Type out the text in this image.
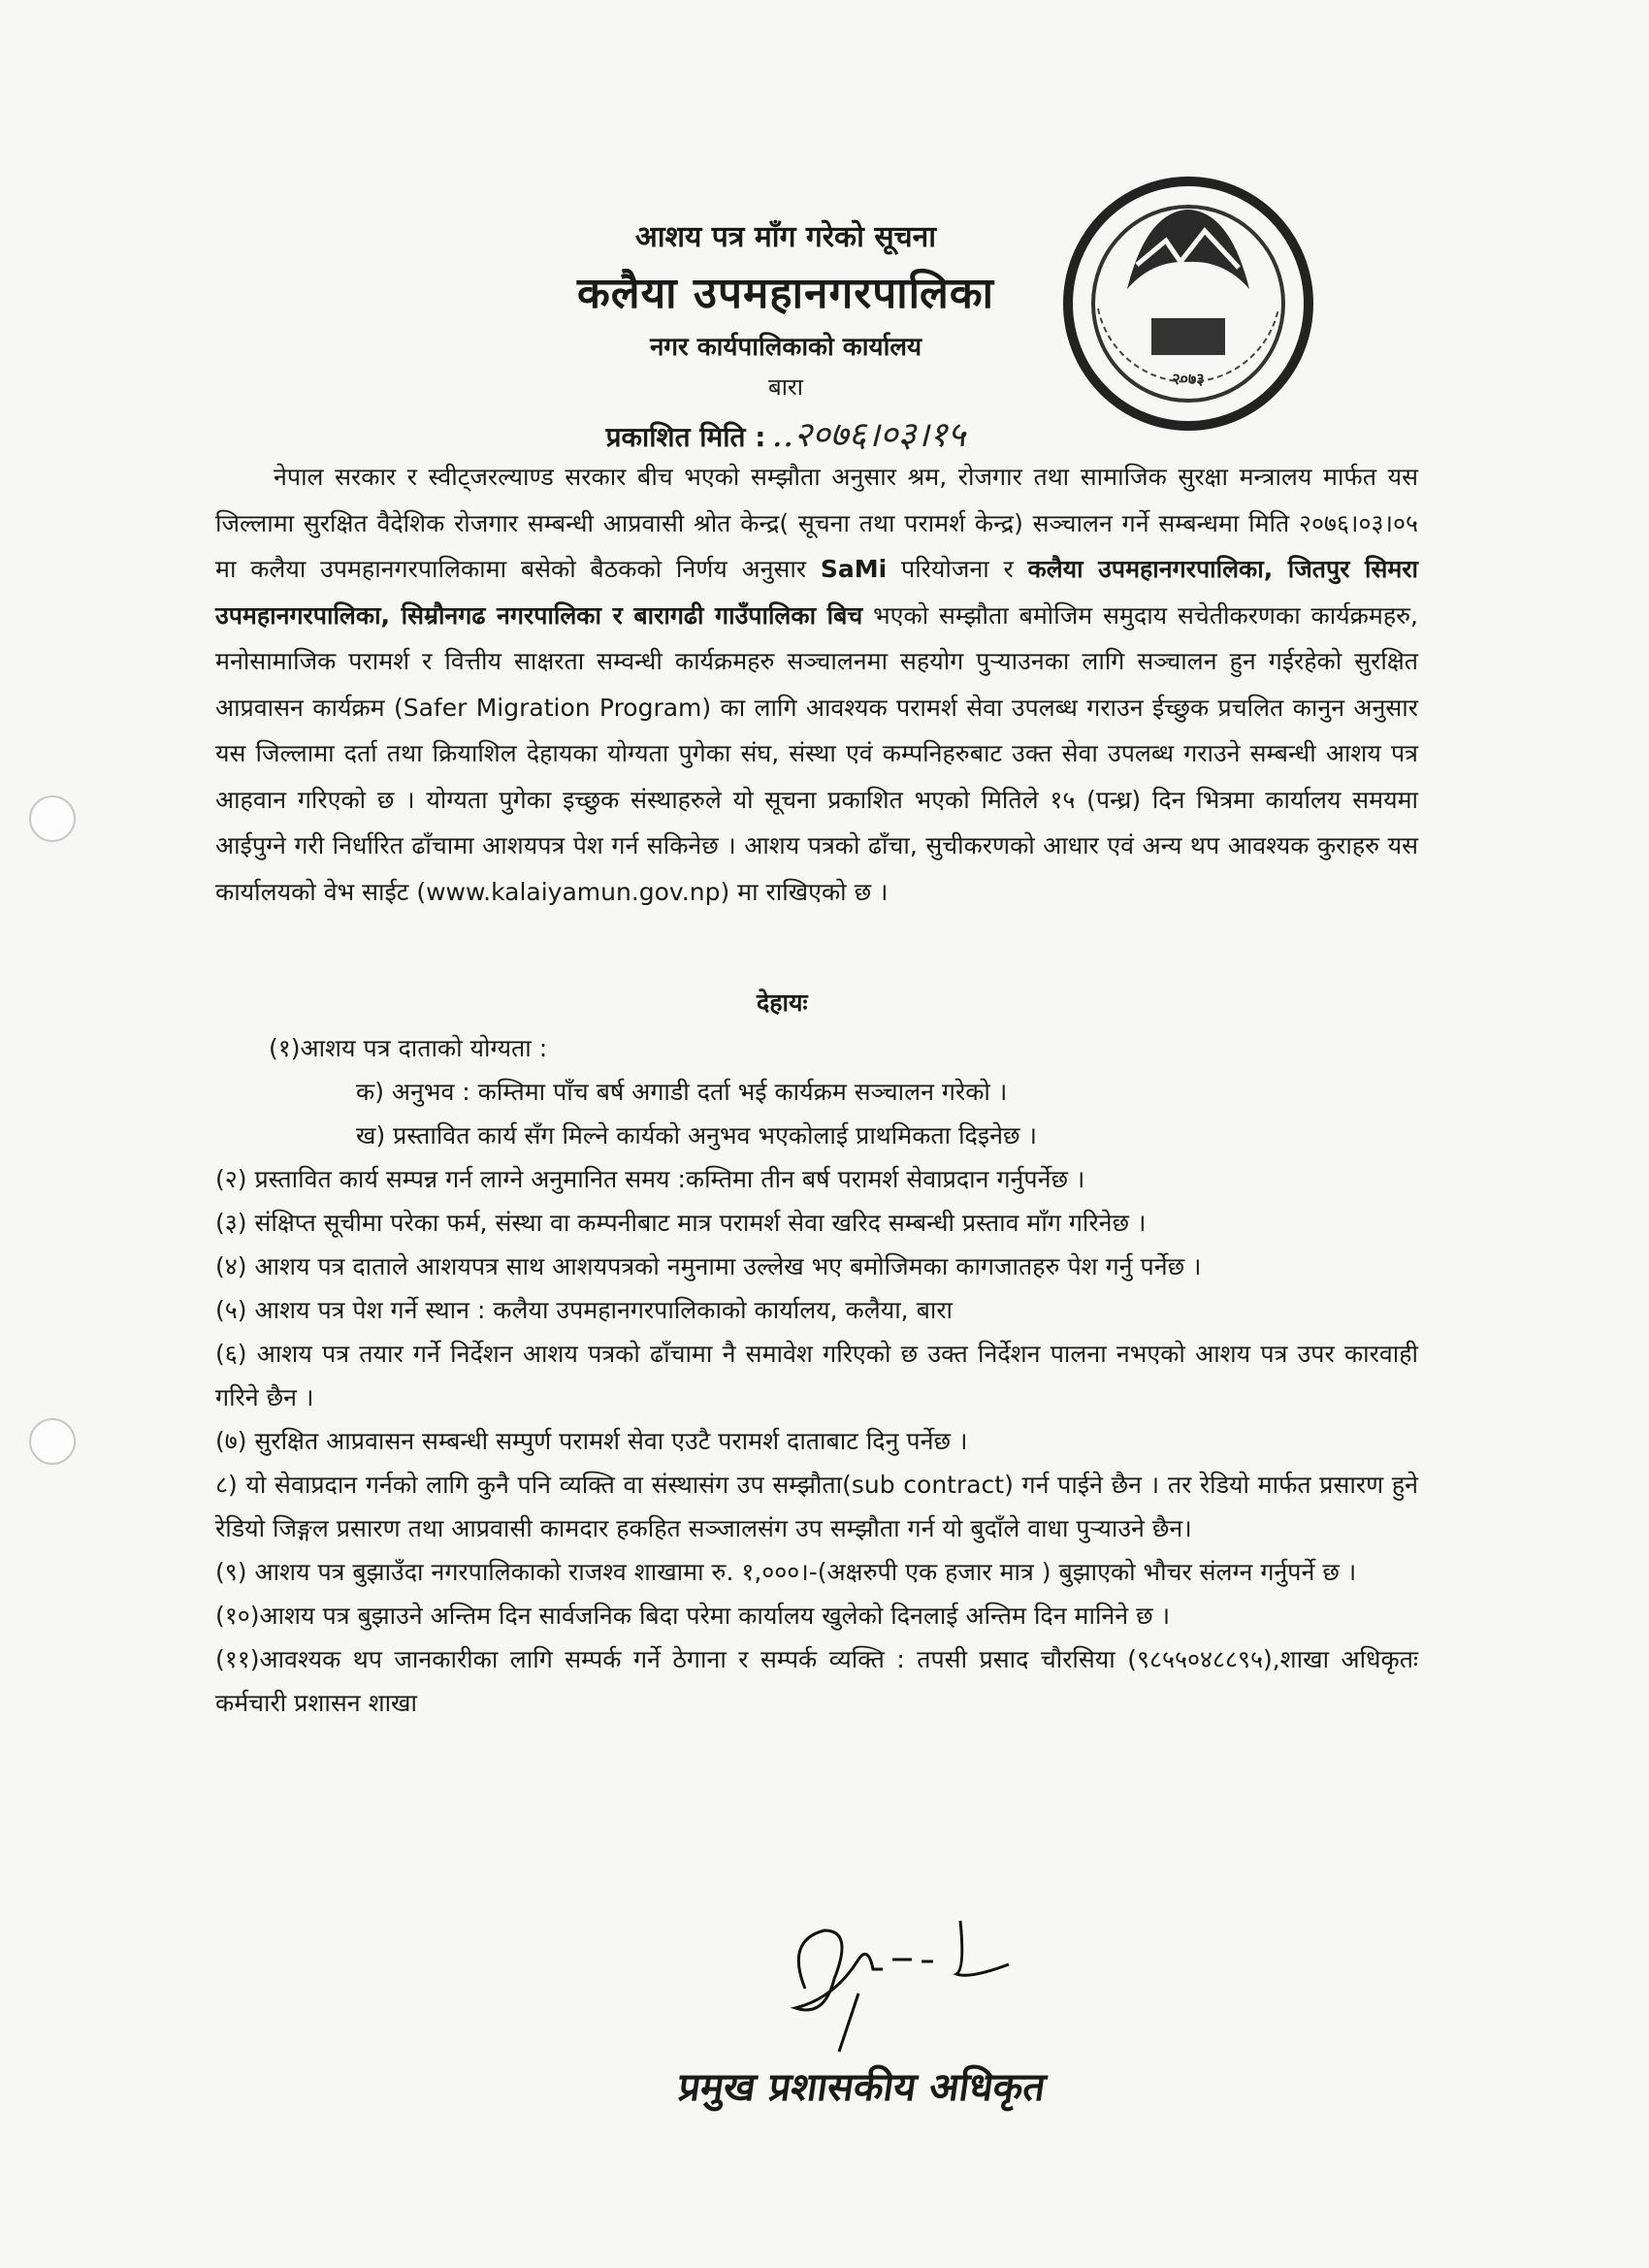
आशय पत्र माँग गरेको सूचना
कलैया उपमहानगरपालिका
नगर कार्यपालिकाको कार्यालय
बारा
प्रकाशित मिति : ..२०७६।०३।१५
२०७३

नेपाल सरकार र स्वीट्जरल्याण्ड सरकार बीच भएको सम्झौता अनुसार श्रम, रोजगार तथा सामाजिक सुरक्षा मन्त्रालय मार्फत यस जिल्लामा सुरक्षित वैदेशिक रोजगार सम्बन्धी आप्रवासी श्रोत केन्द्र( सूचना तथा परामर्श केन्द्र) सञ्चालन गर्ने सम्बन्धमा मिति २०७६।०३।०५ मा कलैया उपमहानगरपालिकामा बसेको बैठकको निर्णय अनुसार SaMi परियोजना र कलैया उपमहानगरपालिका, जितपुर सिमरा उपमहानगरपालिका, सिम्रौनगढ नगरपालिका र बारागढी गाउँपालिका बिच भएको सम्झौता बमोजिम समुदाय सचेतीकरणका कार्यक्रमहरु, मनोसामाजिक परामर्श र वित्तीय साक्षरता सम्वन्धी कार्यक्रमहरु सञ्चालनमा सहयोग पुर्‍याउनका लागि सञ्चालन हुन गईरहेको सुरक्षित आप्रवासन कार्यक्रम (Safer Migration Program) का लागि आवश्यक परामर्श सेवा उपलब्ध गराउन ईच्छुक प्रचलित कानुन अनुसार यस जिल्लामा दर्ता तथा क्रियाशिल देहायका योग्यता पुगेका संघ, संस्था एवं कम्पनिहरुबाट उक्त सेवा उपलब्ध गराउने सम्बन्धी आशय पत्र आहवान गरिएको छ । योग्यता पुगेका इच्छुक संस्थाहरुले यो सूचना प्रकाशित भएको मितिले १५ (पन्ध्र) दिन भित्रमा कार्यालय समयमा आईपुग्ने गरी निर्धारित ढाँचामा आशयपत्र पेश गर्न सकिनेछ । आशय पत्रको ढाँचा, सुचीकरणको आधार एवं अन्य थप आवश्यक कुराहरु यस कार्यालयको वेभ साईट (www.kalaiyamun.gov.np) मा राखिएको छ ।

देहायः
(१)आशय पत्र दाताको योग्यता :
क) अनुभव : कम्तिमा पाँच बर्ष अगाडी दर्ता भई कार्यक्रम सञ्चालन गरेको ।
ख) प्रस्तावित कार्य सँग मिल्ने कार्यको अनुभव भएकोलाई प्राथमिकता दिइनेछ ।
(२) प्रस्तावित कार्य सम्पन्न गर्न लाग्ने अनुमानित समय :कम्तिमा तीन बर्ष परामर्श सेवाप्रदान गर्नुपर्नेछ ।
(३) संक्षिप्त सूचीमा परेका फर्म, संस्था वा कम्पनीबाट मात्र परामर्श सेवा खरिद सम्बन्धी प्रस्ताव माँग गरिनेछ ।
(४) आशय पत्र दाताले आशयपत्र साथ आशयपत्रको नमुनामा उल्लेख भए बमोजिमका कागजातहरु पेश गर्नु पर्नेछ ।
(५) आशय पत्र पेश गर्ने स्थान : कलैया उपमहानगरपालिकाको कार्यालय, कलैया, बारा
(६) आशय पत्र तयार गर्ने निर्देशन आशय पत्रको ढाँचामा नै समावेश गरिएको छ उक्त निर्देशन पालना नभएको आशय पत्र उपर कारवाही गरिने छैन ।
(७) सुरक्षित आप्रवासन सम्बन्धी सम्पुर्ण परामर्श सेवा एउटै परामर्श दाताबाट दिनु पर्नेछ ।
८) यो सेवाप्रदान गर्नको लागि कुनै पनि व्यक्ति वा संस्थासंग उप सम्झौता(sub contract) गर्न पाईने छैन । तर रेडियो मार्फत प्रसारण हुने रेडियो जिङ्गल प्रसारण तथा आप्रवासी कामदार हकहित सञ्जालसंग उप सम्झौता गर्न यो बुदाँले वाधा पुर्‍याउने छैन।
(९) आशय पत्र बुझाउँदा नगरपालिकाको राजश्व शाखामा रु. १,०००।-(अक्षरुपी एक हजार मात्र ) बुझाएको भौचर संलग्न गर्नुपर्ने छ ।
(१०)आशय पत्र बुझाउने अन्तिम दिन सार्वजनिक बिदा परेमा कार्यालय खुलेको दिनलाई अन्तिम दिन मानिने छ ।
(११)आवश्यक थप जानकारीका लागि सम्पर्क गर्ने ठेगाना र सम्पर्क व्यक्ति : तपसी प्रसाद चौरसिया (९८५५०४८८९५),शाखा अधिकृतः कर्मचारी प्रशासन शाखा
प्रमुख प्रशासकीय अधिकृत
